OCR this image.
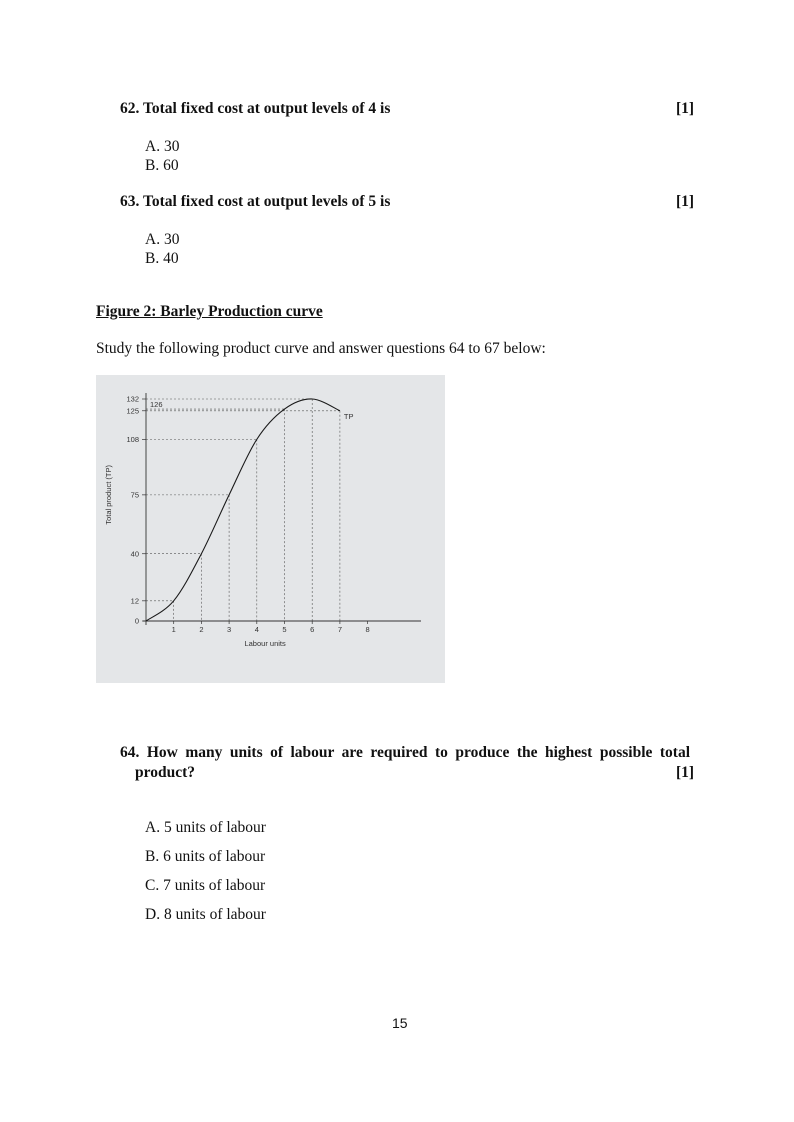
62. Total fixed cost at output levels of 4 is	[1]
A. 30
B. 60
63. Total fixed cost at output levels of 5 is	[1]
A. 30
B. 40
Figure 2: Barley Production curve
Study the following product curve and answer questions 64 to 67 below:
0
12
40
75
108
125
132
1	2	3	4	5	6	7	8
Labour units
Total product (TP)
TP
126
64. How many units of labour are required to produce the highest possible total
product?	[1]
A. 5 units of labour
B. 6 units of labour
C. 7 units of labour
D. 8 units of labour
15
